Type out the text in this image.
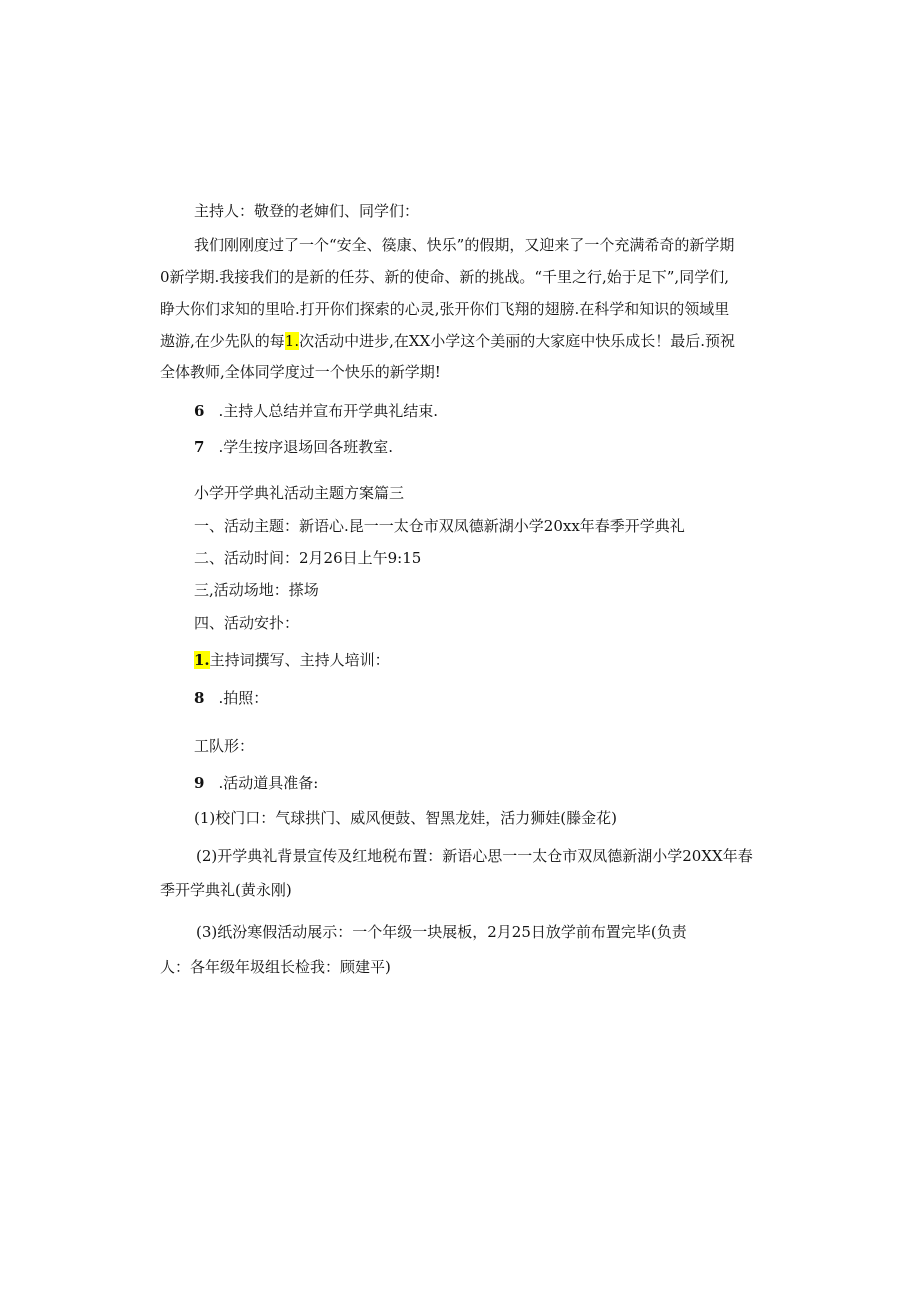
主持人：敬登的老婶们、同学们：
我们刚刚度过了一个“安全、篌康、快乐”的假期，又迎来了一个充满希奇的新学期
0新学期.我接我们的是新的任芬、新的使命、新的挑战。“千里之行,始于足下”,同学们,
睁大你们求知的里哈.打开你们探索的心灵,张开你们飞翔的翅膀.在科学和知识的领域里
遨游,在少先队的每1.次活动中进步,在XX小学这个美丽的大家庭中快乐成长！最后.预祝
全体教师,全体同学度过一个快乐的新学期!
6 .主持人总结并宣布开学典礼结束.
7 .学生按序退场回各班教室.
小学开学典礼活动主题方案篇三
一、活动主题：新语心.昆一一太仓市双凤德新湖小学20xx年春季开学典礼
二、活动时间：2月26日上午9:15
三,活动场地：搽场
四、活动安扑：
1.主持词撰写、主持人培训：
8 .拍照：
工队形：
9 .活动道具准备:
(1)校门口：气球拱门、威风便鼓、智黑龙娃，活力狮娃(滕金花)
(2)开学典礼背景宣传及红地税布置：新语心思一一太仓市双凤德新湖小学20XX年春
季开学典礼(黄永刚)
(3)纸汾寒假活动展示：一个年级一块展板，2月25日放学前布置完毕(负责
人：各年级年圾组长检我：顾建平)
